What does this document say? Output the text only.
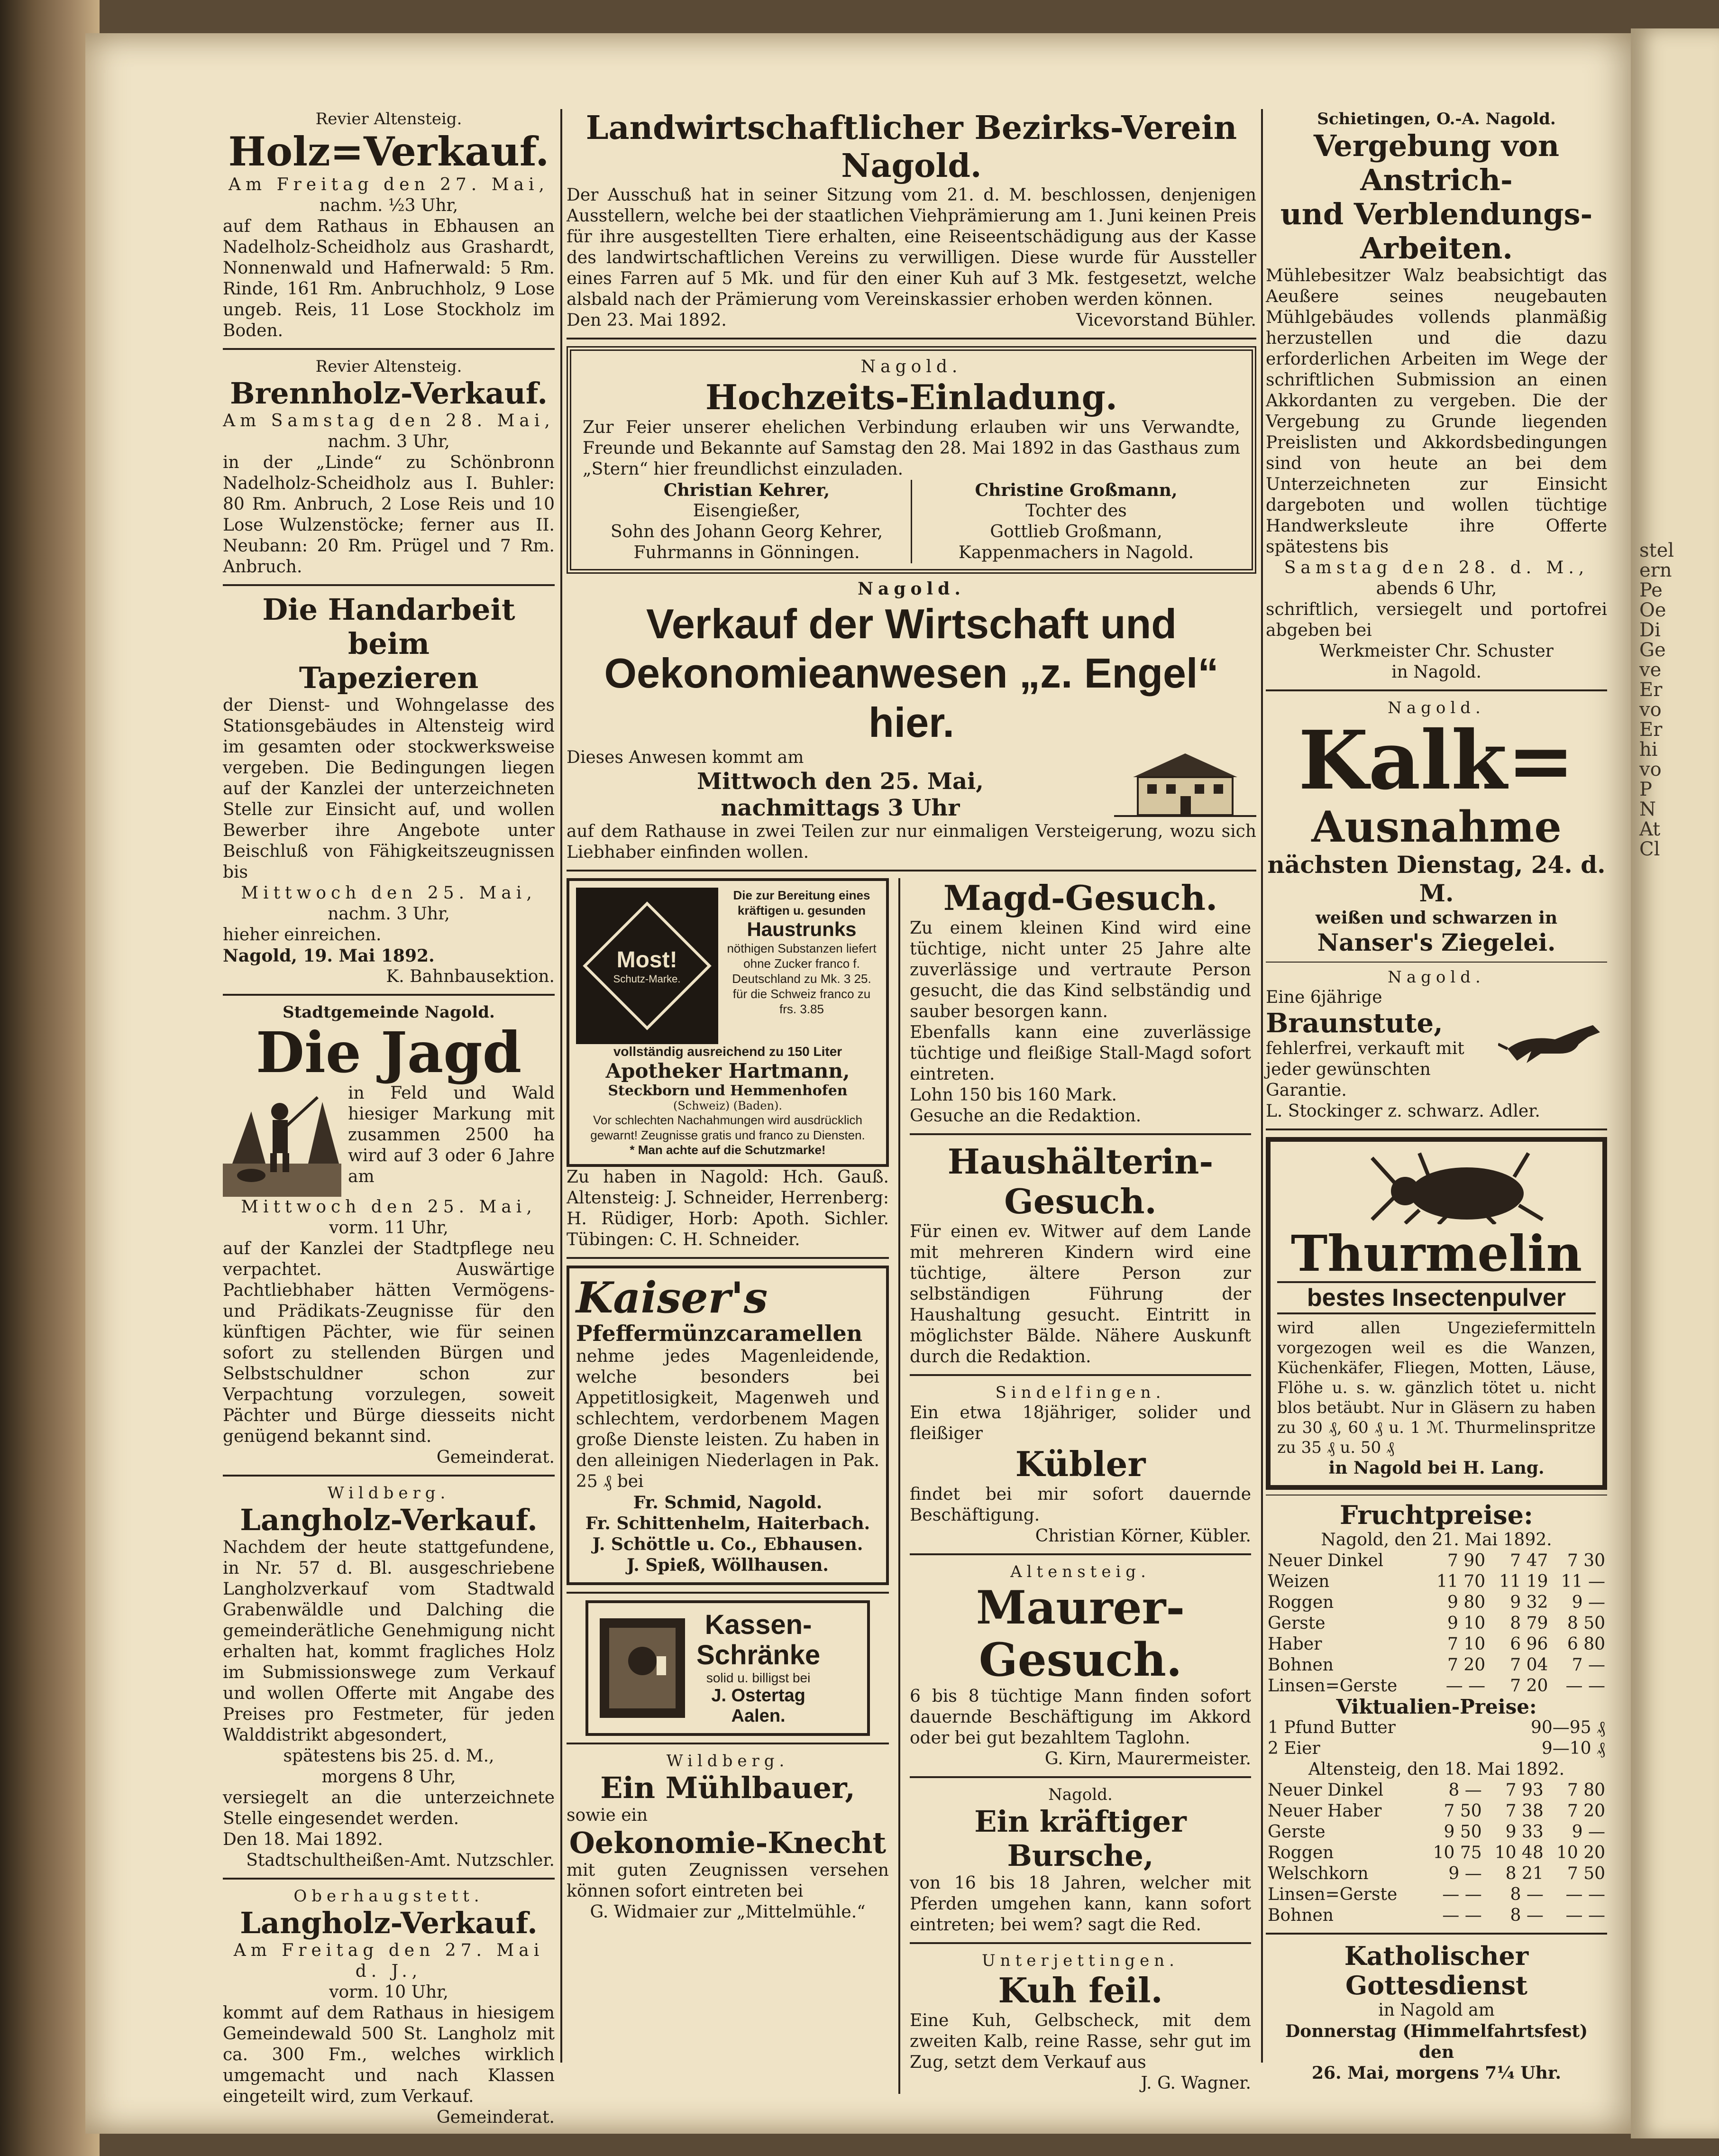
stel
ern
Pe
Oe
Di
Ge
ve
Er
vo
Er
hi
vo
P
N
At
Cl
Revier Altensteig.
Holz=Verkauf.
Am Freitag den 27. Mai,
nachm. ½3 Uhr,
auf dem Rathaus in Ebhausen an Nadelholz-Scheidholz aus Grashardt, Nonnenwald und Hafnerwald: 5 Rm. Rinde, 161 Rm. Anbruchholz, 9 Lose ungeb. Reis, 11 Lose Stockholz im Boden.
Revier Altensteig.
Brennholz-Verkauf.
Am Samstag den 28. Mai,
nachm. 3 Uhr,
in der „Linde“ zu Schönbronn Nadelholz-Scheidholz aus I. Buhler: 80 Rm. Anbruch, 2 Lose Reis und 10 Lose Wulzenstöcke; ferner aus II. Neubann: 20 Rm. Prügel und 7 Rm. Anbruch.
Die Handarbeit beim
Tapezieren
der Dienst- und Wohngelasse des Stationsgebäudes in Altensteig wird im gesamten oder stockwerksweise vergeben. Die Bedingungen liegen auf der Kanzlei der unterzeichneten Stelle zur Einsicht auf, und wollen Bewerber ihre Angebote unter Beischluß von Fähigkeitszeugnissen bis
Mittwoch den 25. Mai,
nachm. 3 Uhr,
hieher einreichen.
Nagold, 19. Mai 1892.
K. Bahnbausektion.
Stadtgemeinde Nagold.
Die Jagd
in Feld und Wald hiesiger Markung mit zusammen 2500 ha wird auf 3 oder 6 Jahre am
Mittwoch den 25. Mai,
vorm. 11 Uhr,
auf der Kanzlei der Stadtpflege neu verpachtet. Auswärtige Pachtliebhaber hätten Vermögens- und Prädikats-Zeugnisse für den künftigen Pächter, wie für seinen sofort zu stellenden Bürgen und Selbstschuldner schon zur Verpachtung vorzulegen, soweit Pächter und Bürge diesseits nicht genügend bekannt sind.
Gemeinderat.
Wildberg.
Langholz-Verkauf.
Nachdem der heute stattgefundene, in Nr. 57 d. Bl. ausgeschriebene Langholzverkauf vom Stadtwald Grabenwäldle und Dalching die gemeinderätliche Genehmigung nicht erhalten hat, kommt fragliches Holz im Submissionswege zum Verkauf und wollen Offerte mit Angabe des Preises pro Festmeter, für jeden Walddistrikt abgesondert,
spätestens bis 25. d. M.,
morgens 8 Uhr,
versiegelt an die unterzeichnete Stelle eingesendet werden.
Den 18. Mai 1892.
Stadtschultheißen-Amt. Nutzschler.
Oberhaugstett.
Langholz-Verkauf.
Am Freitag den 27. Mai d. J.,
vorm. 10 Uhr,
kommt auf dem Rathaus in hiesigem Gemeindewald 500 St. Langholz mit ca. 300 Fm., welches wirklich umgemacht und nach Klassen eingeteilt wird, zum Verkauf.
Gemeinderat.
Landwirtschaftlicher Bezirks-Verein Nagold.
Der Ausschuß hat in seiner Sitzung vom 21. d. M. beschlossen, denjenigen Ausstellern, welche bei der staatlichen Viehprämierung am 1. Juni keinen Preis für ihre ausgestellten Tiere erhalten, eine Reiseentschädigung aus der Kasse des landwirtschaftlichen Vereins zu verwilligen. Diese wurde für Aussteller eines Farren auf 5 Mk. und für den einer Kuh auf 3 Mk. festgesetzt, welche alsbald nach der Prämierung vom Vereinskassier erhoben werden können.
Den 23. Mai 1892.	Vicevorstand Bühler.
Nagold.
Hochzeits-Einladung.
Zur Feier unserer ehelichen Verbindung erlauben wir uns Verwandte, Freunde und Bekannte auf Samstag den 28. Mai 1892 in das Gasthaus zum „Stern“ hier freundlichst einzuladen.
Christian Kehrer,
Eisengießer,
Sohn des Johann Georg Kehrer,
Fuhrmanns in Gönningen.
Christine Großmann,
Tochter des
Gottlieb Großmann,
Kappenmachers in Nagold.
Nagold.
Verkauf der Wirtschaft und
Oekonomieanwesen „z. Engel“ hier.
Dieses Anwesen kommt am
Mittwoch den 25. Mai,
nachmittags 3 Uhr
auf dem Rathause in zwei Teilen zur nur einmaligen Versteigerung, wozu sich Liebhaber einfinden wollen.
Most!
Schutz-Marke.
Die zur Bereitung eines kräftigen u. gesunden
Haustrunks
nöthigen Substanzen liefert ohne Zucker franco f. Deutschland zu Mk. 3 25. für die Schweiz franco zu frs. 3.85
vollständig ausreichend zu 150 Liter
Apotheker Hartmann,
Steckborn und Hemmenhofen
(Schweiz) (Baden).
Vor schlechten Nachahmungen wird ausdrücklich gewarnt! Zeugnisse gratis und franco zu Diensten.
* Man achte auf die Schutzmarke!
Zu haben in Nagold: Hch. Gauß. Altensteig: J. Schneider, Herrenberg: H. Rüdiger, Horb: Apoth. Sichler. Tübingen: C. H. Schneider.
Kaiser's
Pfeffermünzcaramellen
nehme jedes Magenleidende, welche besonders bei Appetitlosigkeit, Magenweh und schlechtem, verdorbenem Magen große Dienste leisten. Zu haben in den alleinigen Niederlagen in Pak. 25 ₰ bei
Fr. Schmid, Nagold.
Fr. Schittenhelm, Haiterbach.
J. Schöttle u. Co., Ebhausen.
J. Spieß, Wöllhausen.
Kassen-
Schränke
solid u. billigst bei
J. Ostertag
Aalen.
Wildberg.
Ein Mühlbauer,
sowie ein
Oekonomie-Knecht
mit guten Zeugnissen versehen können sofort eintreten bei
G. Widmaier zur „Mittelmühle.“
Magd-Gesuch.
Zu einem kleinen Kind wird eine tüchtige, nicht unter 25 Jahre alte zuverlässige und vertraute Person gesucht, die das Kind selbständig und sauber besorgen kann.
Ebenfalls kann eine zuverlässige tüchtige und fleißige Stall-Magd sofort eintreten.
Lohn 150 bis 160 Mark.
Gesuche an die Redaktion.
Haushälterin-
Gesuch.
Für einen ev. Witwer auf dem Lande mit mehreren Kindern wird eine tüchtige, ältere Person zur selbständigen Führung der Haushaltung gesucht. Eintritt in möglichster Bälde. Nähere Auskunft durch die Redaktion.
Sindelfingen.
Ein etwa 18jähriger, solider und fleißiger
Kübler
findet bei mir sofort dauernde Beschäftigung.
Christian Körner, Kübler.
Altensteig.
Maurer-Gesuch.
6 bis 8 tüchtige Mann finden sofort dauernde Beschäftigung im Akkord oder bei gut bezahltem Taglohn.
G. Kirn, Maurermeister.
Nagold.
Ein kräftiger Bursche,
von 16 bis 18 Jahren, welcher mit Pferden umgehen kann, kann sofort eintreten; bei wem? sagt die Red.
Unterjettingen.
Kuh feil.
Eine Kuh, Gelbscheck, mit dem zweiten Kalb, reine Rasse, sehr gut im Zug, setzt dem Verkauf aus
J. G. Wagner.
Schietingen, O.-A. Nagold.
Vergebung von Anstrich-
und Verblendungs-
Arbeiten.
Mühlebesitzer Walz beabsichtigt das Aeußere seines neugebauten Mühlgebäudes vollends planmäßig herzustellen und die dazu erforderlichen Arbeiten im Wege der schriftlichen Submission an einen Akkordanten zu vergeben. Die der Vergebung zu Grunde liegenden Preislisten und Akkordsbedingungen sind von heute an bei dem Unterzeichneten zur Einsicht dargeboten und wollen tüchtige Handwerksleute ihre Offerte spätestens bis
Samstag den 28. d. M.,
abends 6 Uhr,
schriftlich, versiegelt und portofrei abgeben bei
Werkmeister Chr. Schuster
in Nagold.
Nagold.
Kalk=
Ausnahme
nächsten Dienstag, 24. d. M.
weißen und schwarzen in
Nanser's Ziegelei.
Nagold.
Eine 6jährige
Braunstute,
fehlerfrei, verkauft mit jeder gewünschten Garantie.
L. Stockinger z. schwarz. Adler.
Thurmelin
bestes Insectenpulver
wird allen Ungeziefermitteln vorgezogen weil es die Wanzen, Küchenkäfer, Fliegen, Motten, Läuse, Flöhe u. s. w. gänzlich tötet u. nicht blos betäubt. Nur in Gläsern zu haben zu 30 ₰, 60 ₰ u. 1 ℳ. Thurmelinspritze zu 35 ₰ u. 50 ₰
in Nagold bei H. Lang.
Fruchtpreise:
Nagold, den 21. Mai 1892.
Neuer Dinkel	7 90	7 47	7 30
Weizen	11 70	11 19	11 —
Roggen	9 80	9 32	9 —
Gerste	9 10	8 79	8 50
Haber	7 10	6 96	6 80
Bohnen	7 20	7 04	7 —
Linsen=Gerste	— —	7 20	— —
Viktualien-Preise:
1 Pfund Butter	90—95 ₰
2 Eier	9—10 ₰
Altensteig, den 18. Mai 1892.
Neuer Dinkel	8 —	7 93	7 80
Neuer Haber	7 50	7 38	7 20
Gerste	9 50	9 33	9 —
Roggen	10 75	10 48	10 20
Welschkorn	9 —	8 21	7 50
Linsen=Gerste	— —	8 —	— —
Bohnen	— —	8 —	— —
Katholischer Gottesdienst
in Nagold am
Donnerstag (Himmelfahrtsfest) den
26. Mai, morgens 7¼ Uhr.
